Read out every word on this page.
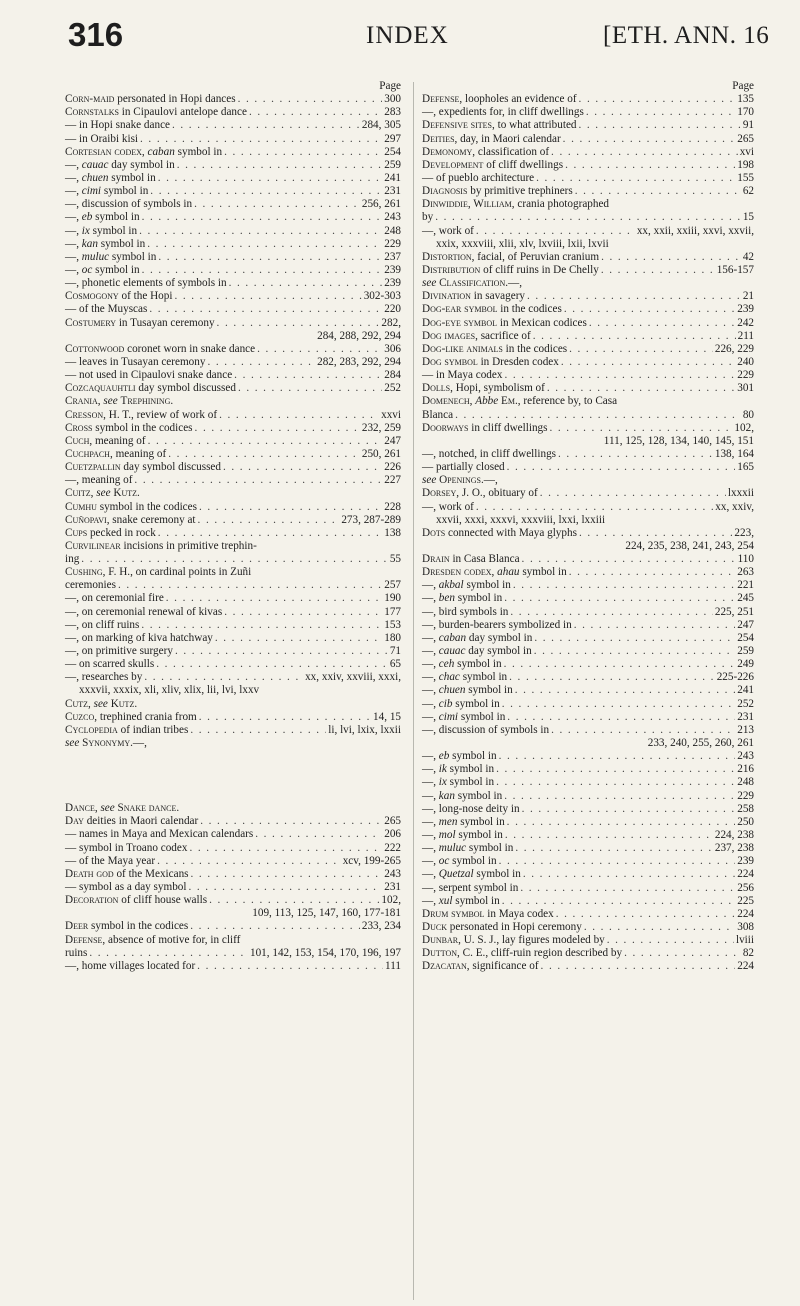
316	INDEX	[ETH. ANN. 16
Page
Corn-maid personated in Hopi dances . . .	300
Cornstalks in Cipaulovi antelope dance . . .	283
— in Hopi snake dance . . .	284, 305
— in Oraibi kisi . . .	297
Cortesian codex, caban symbol in . . .	254
—, cauac day symbol in . . .	259
—, chuen symbol in . . .	241
—, cimi symbol in . . .	231
—, discussion of symbols in . . .	256, 261
—, eb symbol in . . .	243
—, ix symbol in . . .	248
—, kan symbol in . . .	229
—, muluc symbol in . . .	237
—, oc symbol in . . .	239
—, phonetic elements of symbols in . . .	239
Cosmogony of the Hopi . . .	302-303
— of the Muyscas . . .	220
Costumery in Tusayan ceremony . . .	282,
284, 288, 292, 294
Cottonwood coronet worn in snake dance . . .	306
— leaves in Tusayan ceremony . . .	282, 283, 292, 294
— not used in Cipaulovi snake dance . . .	284
Cozcaquauhtli day symbol discussed . . .	252
Crania, see Trephining.
Cresson, H. T., review of work of . . .	xxvi
Cross symbol in the codices . . .	232, 259
Cuch, meaning of . . .	247
Cuchpach, meaning of . . .	250, 261
Cuetzpallin day symbol discussed . . .	226
—, meaning of . . .	227
Cuitz, see Kutz.
Cumhu symbol in the codices . . .	228
Cuñopavi, snake ceremony at . . .	273, 287-289
Cups pecked in rock . . .	138
Curvilinear incisions in primitive trephin-
ing . . .	55
Cushing, F. H., on cardinal points in Zuñi
ceremonies . . .	257
—, on ceremonial fire . . .	190
—, on ceremonial renewal of kivas . . .	177
—, on cliff ruins . . .	153
—, on marking of kiva hatchway . . .	180
—, on primitive surgery . . .	71
— on scarred skulls . . .	65
—, researches by . . .	xx, xxiv, xxviii, xxxi,
xxxvii, xxxix, xli, xliv, xlix, lii, lvi, lxxv
Cutz, see Kutz.
Cuzco, trephined crania from . . .	14, 15
Cyclopedia of indian tribes . . .	li, lvi, lxix, lxxii
see Synonymy.—,
Dance, see Snake dance.
Day deities in Maori calendar . . .	265
— names in Maya and Mexican calendars . . .	206
— symbol in Troano codex . . .	222
— of the Maya year . . .	xcv, 199-265
Death god of the Mexicans . . .	243
— symbol as a day symbol . . .	231
Decoration of cliff house walls . . .	102,
109, 113, 125, 147, 160, 177-181
Deer symbol in the codices . . .	233, 234
Defense, absence of motive for, in cliff
ruins . . .	101, 142, 153, 154, 170, 196, 197
—, home villages located for . . .	111
Page
Defense, loopholes an evidence of . . .	135
—, expedients for, in cliff dwellings . . .	170
Defensive sites, to what attributed . . .	91
Deities, day, in Maori calendar . . .	265
Demonomy, classification of . . .	xvi
Development of cliff dwellings . . .	198
— of pueblo architecture . . .	155
Diagnosis by primitive trephiners . . .	62
Dinwiddie, William, crania photographed
by . . .	15
—, work of . . .	xx, xxii, xxiii, xxvi, xxvii,
xxix, xxxviii, xlii, xlv, lxviii, lxii, lxvii
Distortion, facial, of Peruvian cranium . . .	42
Distribution of cliff ruins in De Chelly . . .	156-157
see Classification.—,
Divination in savagery . . .	21
Dog-ear symbol in the codices . . .	239
Dog-eye symbol in Mexican codices . . .	242
Dog images, sacrifice of . . .	211
Dog-like animals in the codices . . .	226, 229
Dog symbol in Dresden codex . . .	240
— in Maya codex . . .	229
Dolls, Hopi, symbolism of . . .	301
Domenech, Abbe Em., reference by, to Casa
Blanca . . .	80
Doorways in cliff dwellings . . .	102,
111, 125, 128, 134, 140, 145, 151
—, notched, in cliff dwellings . . .	138, 164
— partially closed . . .	165
see Openings.—,
Dorsey, J. O., obituary of . . .	lxxxii
—, work of . . .	xx, xxiv,
xxvii, xxxi, xxxvi, xxxviii, lxxi, lxxiii
Dots connected with Maya glyphs . . .	223,
224, 235, 238, 241, 243, 254
Drain in Casa Blanca . . .	110
Dresden codex, ahau symbol in . . .	263
—, akbal symbol in . . .	221
—, ben symbol in . . .	245
—, bird symbols in . . .	225, 251
—, burden-bearers symbolized in . . .	247
—, caban day symbol in . . .	254
—, cauac day symbol in . . .	259
—, ceh symbol in . . .	249
—, chac symbol in . . .	225-226
—, chuen symbol in . . .	241
—, cib symbol in . . .	252
—, cimi symbol in . . .	231
—, discussion of symbols in . . .	213
233, 240, 255, 260, 261
—, eb symbol in . . .	243
—, ik symbol in . . .	216
—, ix symbol in . . .	248
—, kan symbol in . . .	229
—, long-nose deity in . . .	258
—, men symbol in . . .	250
—, mol symbol in . . .	224, 238
—, muluc symbol in . . .	237, 238
—, oc symbol in . . .	239
—, Quetzal symbol in . . .	224
—, serpent symbol in . . .	256
—, xul symbol in . . .	225
Drum symbol in Maya codex . . .	224
Duck personated in Hopi ceremony . . .	308
Dunbar, U. S. J., lay figures modeled by . . .	lviii
Dutton, C. E., cliff-ruin region described by . . .	82
Dzacatan, significance of . . .	224
